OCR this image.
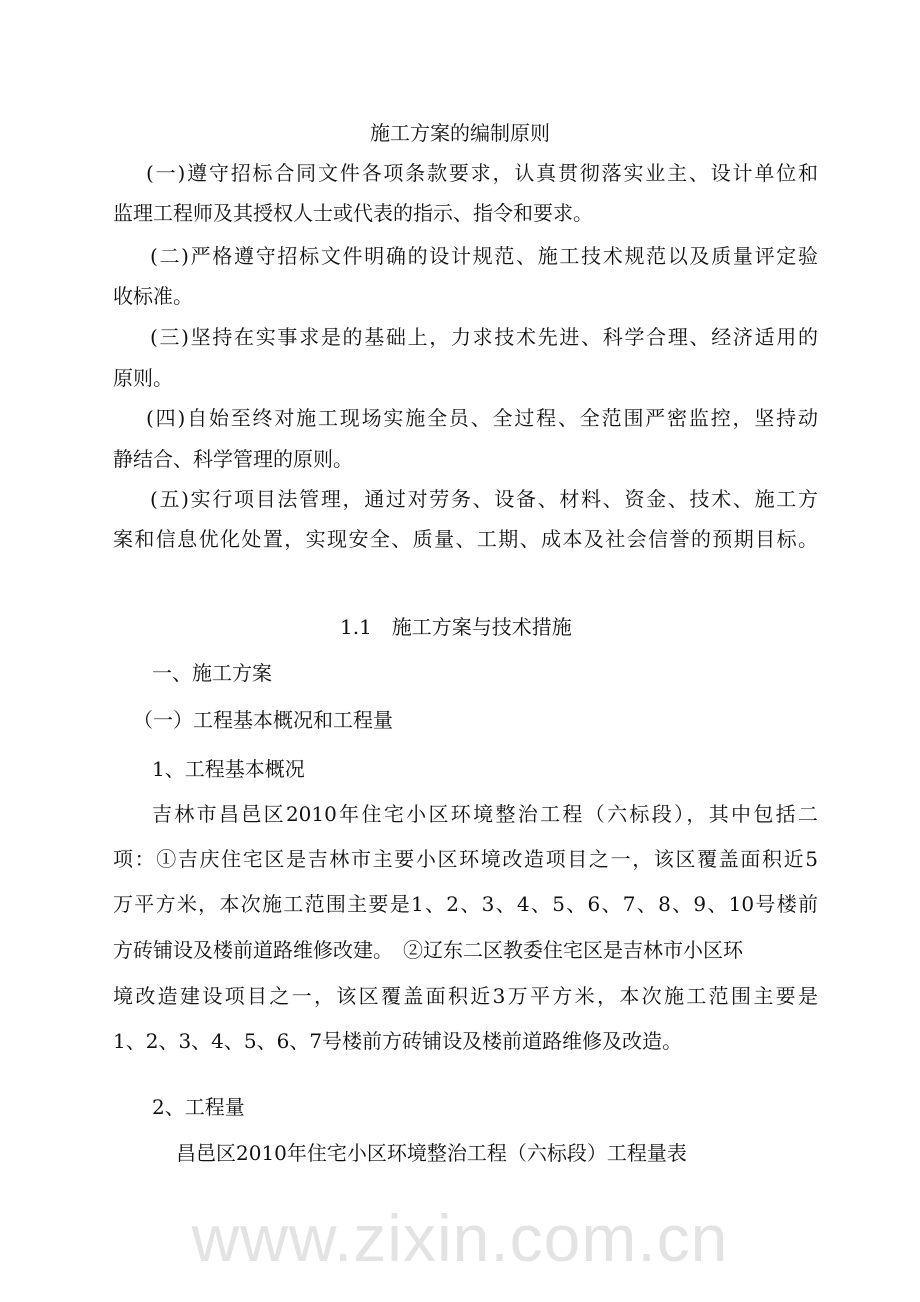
www.zixin.com.cn
施工方案的编制原则
(一)遵守招标合同文件各项条款要求，认真贯彻落实业主、设计单位和
监理工程师及其授权人士或代表的指示、指令和要求。
(二)严格遵守招标文件明确的设计规范、施工技术规范以及质量评定验
收标准。
(三)坚持在实事求是的基础上，力求技术先进、科学合理、经济适用的
原则。
(四)自始至终对施工现场实施全员、全过程、全范围严密监控，坚持动
静结合、科学管理的原则。
(五)实行项目法管理，通过对劳务、设备、材料、资金、技术、施工方
案和信息优化处置，实现安全、质量、工期、成本及社会信誉的预期目标。
1.1　施工方案与技术措施
一、施工方案
（一）工程基本概况和工程量
1、工程基本概况
吉林市昌邑区2010年住宅小区环境整治工程（六标段），其中包括二
项：①吉庆住宅区是吉林市主要小区环境改造项目之一，该区覆盖面积近5
万平方米，本次施工范围主要是1、2、3、4、5、6、7、8、9、10号楼前
方砖铺设及楼前道路维修改建。　②辽东二区教委住宅区是吉林市小区环
境改造建设项目之一，该区覆盖面积近3万平方米，本次施工范围主要是
1、2、3、4、5、6、7号楼前方砖铺设及楼前道路维修及改造。
2、工程量
昌邑区2010年住宅小区环境整治工程（六标段）工程量表
